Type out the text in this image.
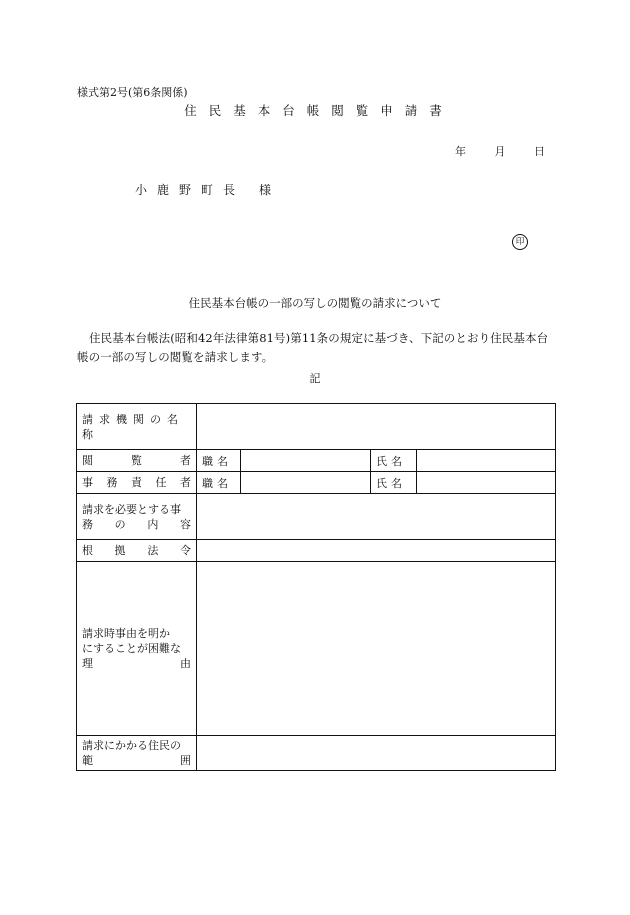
様式第2号(第6条関係)
住民基本台帳閲覧申請書
年	月	日
小鹿野町長 様
印
住民基本台帳の一部の写しの閲覧の請求について
住民基本台帳法(昭和42年法律第81号)第11条の規定に基づき、下記のとおり住民基本台帳の一部の写しの閲覧を請求します。
記
請求機関の名称				

閲 覧 者	職名		氏名	

事 務 責 任 者	職名		氏名	

請求を必要とする事
務 の 内 容				

根 拠 法 令				

請求時事由を明か
にすることが困難な
理 由				

請求にかかる住民の
範 囲				
